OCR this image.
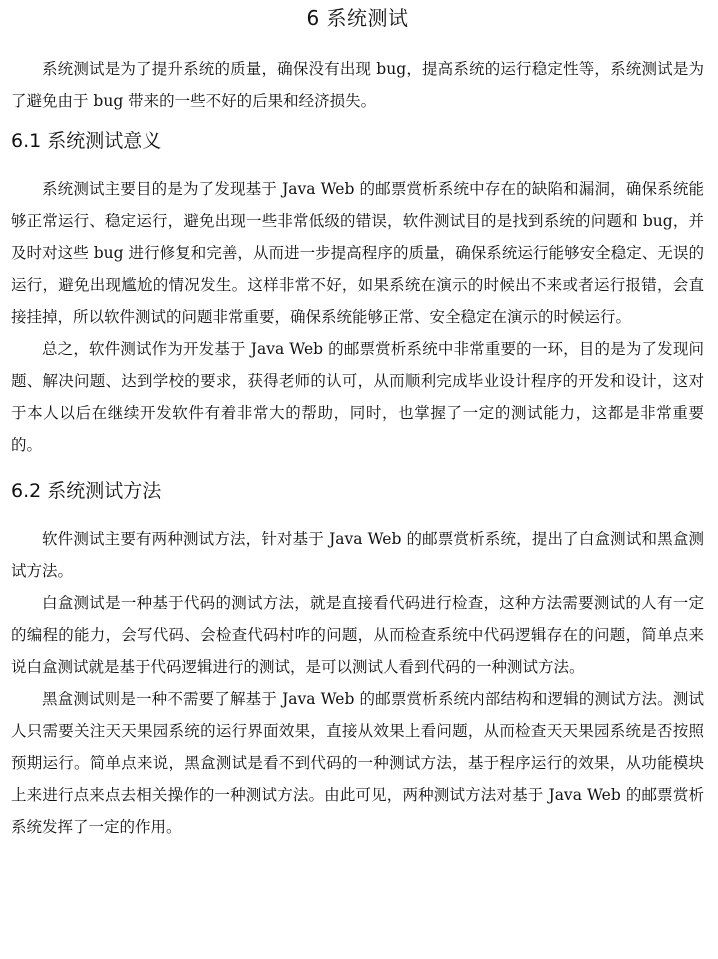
6 系统测试

系统测试是为了提升系统的质量，确保没有出现 bug，提高系统的运行稳定性等，系统测试是为了避免由于 bug 带来的一些不好的后果和经济损失。

6.1 系统测试意义

系统测试主要目的是为了发现基于 Java Web 的邮票赏析系统中存在的缺陷和漏洞，确保系统能够正常运行、稳定运行，避免出现一些非常低级的错误，软件测试目的是找到系统的问题和 bug，并及时对这些 bug 进行修复和完善，从而进一步提高程序的质量，确保系统运行能够安全稳定、无误的运行，避免出现尴尬的情况发生。这样非常不好，如果系统在演示的时候出不来或者运行报错，会直接挂掉，所以软件测试的问题非常重要，确保系统能够正常、安全稳定在演示的时候运行。

总之，软件测试作为开发基于 Java Web 的邮票赏析系统中非常重要的一环，目的是为了发现问题、解决问题、达到学校的要求，获得老师的认可，从而顺利完成毕业设计程序的开发和设计，这对于本人以后在继续开发软件有着非常大的帮助，同时，也掌握了一定的测试能力，这都是非常重要的。

6.2 系统测试方法

软件测试主要有两种测试方法，针对基于 Java Web 的邮票赏析系统，提出了白盒测试和黑盒测试方法。

白盒测试是一种基于代码的测试方法，就是直接看代码进行检查，这种方法需要测试的人有一定的编程的能力，会写代码、会检查代码村咋的问题，从而检查系统中代码逻辑存在的问题，简单点来说白盒测试就是基于代码逻辑进行的测试，是可以测试人看到代码的一种测试方法。

黑盒测试则是一种不需要了解基于 Java Web 的邮票赏析系统内部结构和逻辑的测试方法。测试人只需要关注天天果园系统的运行界面效果，直接从效果上看问题，从而检查天天果园系统是否按照预期运行。简单点来说，黑盒测试是看不到代码的一种测试方法，基于程序运行的效果，从功能模块上来进行点来点去相关操作的一种测试方法。由此可见，两种测试方法对基于 Java Web 的邮票赏析系统发挥了一定的作用。
